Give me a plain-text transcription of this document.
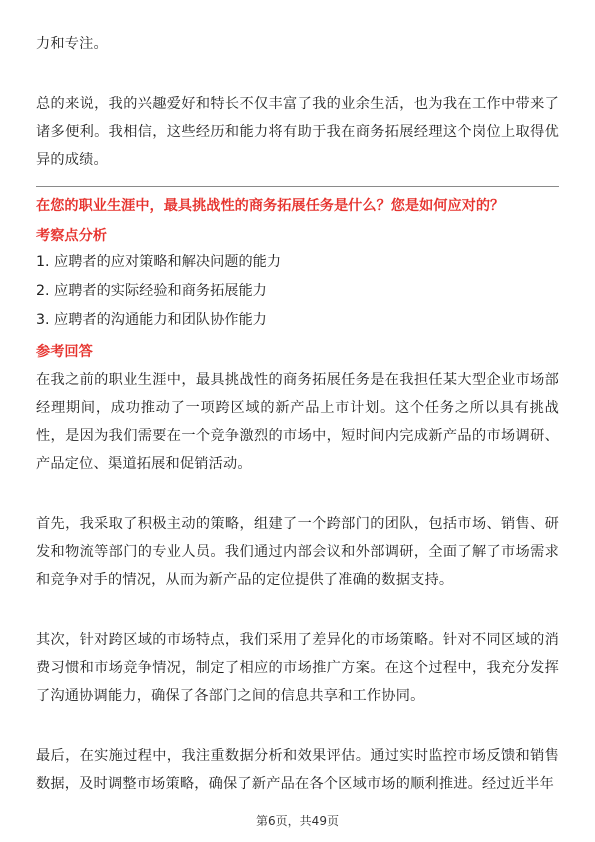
力和专注。

总的来说，我的兴趣爱好和特长不仅丰富了我的业余生活，也为我在工作中带来了诸多便利。我相信，这些经历和能力将有助于我在商务拓展经理这个岗位上取得优异的成绩。

在您的职业生涯中，最具挑战性的商务拓展任务是什么？您是如何应对的？

考察点分析

1. 应聘者的应对策略和解决问题的能力
2. 应聘者的实际经验和商务拓展能力
3. 应聘者的沟通能力和团队协作能力

参考回答

在我之前的职业生涯中，最具挑战性的商务拓展任务是在我担任某大型企业市场部经理期间，成功推动了一项跨区域的新产品上市计划。这个任务之所以具有挑战性，是因为我们需要在一个竞争激烈的市场中，短时间内完成新产品的市场调研、产品定位、渠道拓展和促销活动。

首先，我采取了积极主动的策略，组建了一个跨部门的团队，包括市场、销售、研发和物流等部门的专业人员。我们通过内部会议和外部调研，全面了解了市场需求和竞争对手的情况，从而为新产品的定位提供了准确的数据支持。

其次，针对跨区域的市场特点，我们采用了差异化的市场策略。针对不同区域的消费习惯和市场竞争情况，制定了相应的市场推广方案。在这个过程中，我充分发挥了沟通协调能力，确保了各部门之间的信息共享和工作协同。

最后，在实施过程中，我注重数据分析和效果评估。通过实时监控市场反馈和销售数据，及时调整市场策略，确保了新产品在各个区域市场的顺利推进。经过近半年

第6页，共49页
